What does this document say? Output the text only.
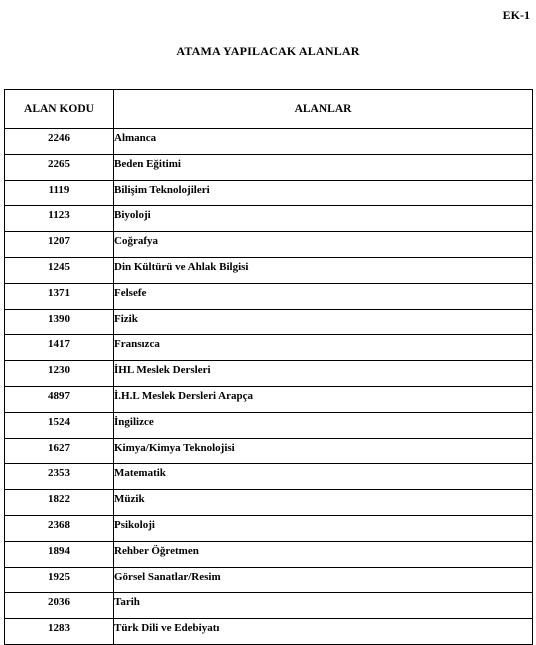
EK-1
ATAMA YAPILACAK ALANLAR
ALAN KODU	ALANLAR
2246	Almanca
2265	Beden Eğitimi
1119	Bilişim Teknolojileri
1123	Biyoloji
1207	Coğrafya
1245	Din Kültürü ve Ahlak Bilgisi
1371	Felsefe
1390	Fizik
1417	Fransızca
1230	İHL Meslek Dersleri
4897	İ.H.L Meslek Dersleri Arapça
1524	İngilizce
1627	Kimya/Kimya Teknolojisi
2353	Matematik
1822	Müzik
2368	Psikoloji
1894	Rehber Öğretmen
1925	Görsel Sanatlar/Resim
2036	Tarih
1283	Türk Dili ve Edebiyatı
